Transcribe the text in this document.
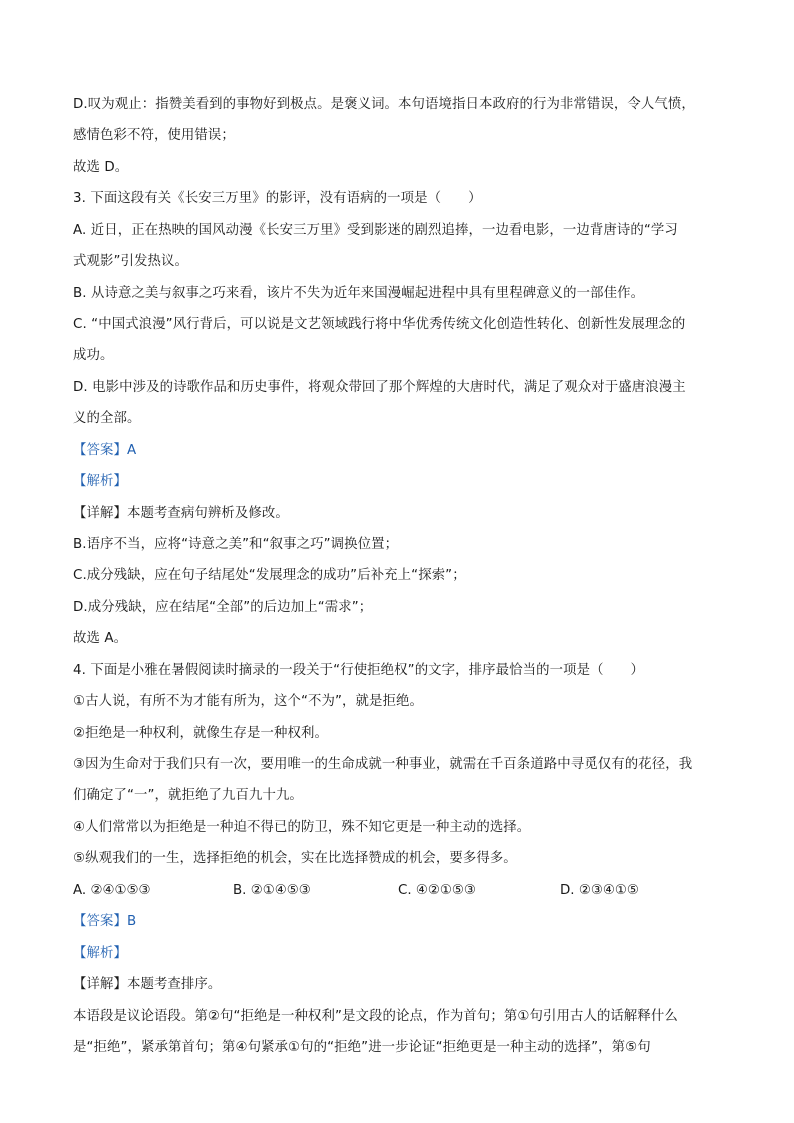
D.叹为观止：指赞美看到的事物好到极点。是褒义词。本句语境指日本政府的行为非常错误，令人气愤，
感情色彩不符，使用错误；
故选 D。
3. 下面这段有关《长安三万里》的影评，没有语病的一项是（　　）
A. 近日，正在热映的国风动漫《长安三万里》受到影迷的剧烈追捧，一边看电影，一边背唐诗的“学习
式观影”引发热议。
B. 从诗意之美与叙事之巧来看，该片不失为近年来国漫崛起进程中具有里程碑意义的一部佳作。
C. “中国式浪漫”风行背后，可以说是文艺领域践行将中华优秀传统文化创造性转化、创新性发展理念的
成功。
D. 电影中涉及的诗歌作品和历史事件，将观众带回了那个辉煌的大唐时代，满足了观众对于盛唐浪漫主
义的全部。
【答案】A
【解析】
【详解】本题考查病句辨析及修改。
B.语序不当，应将“诗意之美”和“叙事之巧”调换位置；
C.成分残缺，应在句子结尾处“发展理念的成功”后补充上“探索”；
D.成分残缺，应在结尾“全部”的后边加上“需求”；
故选 A。
4. 下面是小雅在暑假阅读时摘录的一段关于“行使拒绝权”的文字，排序最恰当的一项是（　　）
①古人说，有所不为才能有所为，这个“不为”，就是拒绝。
②拒绝是一种权利，就像生存是一种权利。
③因为生命对于我们只有一次，要用唯一的生命成就一种事业，就需在千百条道路中寻觅仅有的花径，我
们确定了“一”，就拒绝了九百九十九。
④人们常常以为拒绝是一种迫不得已的防卫，殊不知它更是一种主动的选择。
⑤纵观我们的一生，选择拒绝的机会，实在比选择赞成的机会，要多得多。
A. ②④①⑤③	B. ②①④⑤③	C. ④②①⑤③	D. ②③④①⑤
【答案】B
【解析】
【详解】本题考查排序。
本语段是议论语段。第②句“拒绝是一种权利”是文段的论点，作为首句；第①句引用古人的话解释什么
是“拒绝”，紧承第首句；第④句紧承①句的“拒绝”进一步论证“拒绝更是一种主动的选择”，第⑤句
